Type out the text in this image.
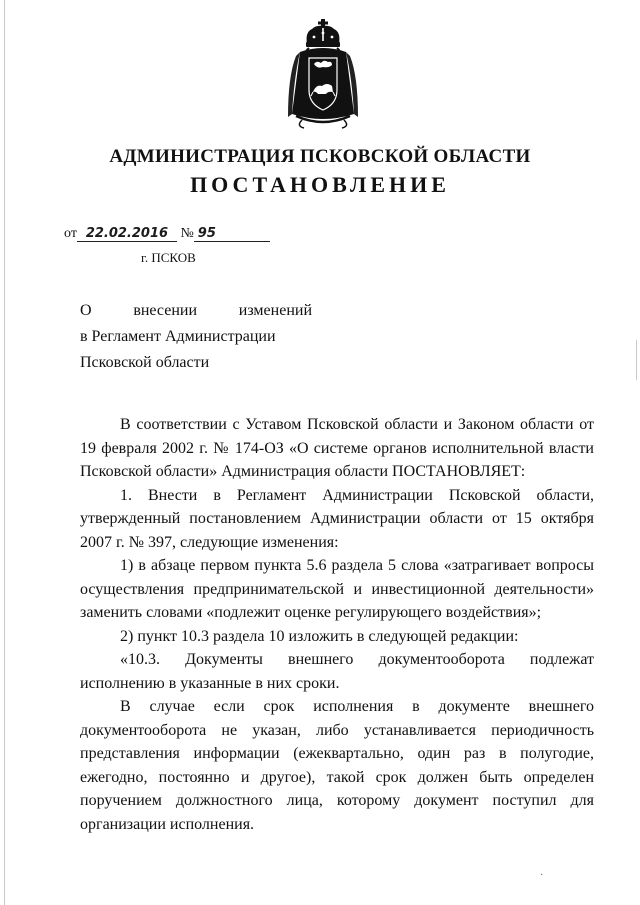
АДМИНИСТРАЦИЯ ПСКОВСКОЙ ОБЛАСТИ
ПОСТАНОВЛЕНИЕ
от 22.02.2016 № 95
г. ПСКОВ
О	внесении	изменений
в Регламент Администрации
Псковской области

В соответствии с Уставом Псковской области и Законом области от 19 февраля 2002 г. № 174-ОЗ «О системе органов исполнительной власти Псковской области» Администрация области ПОСТАНОВЛЯЕТ:

1. Внести в Регламент Администрации Псковской области, утвержденный постановлением Администрации области от 15 октября 2007 г. № 397, следующие изменения:

1) в абзаце первом пункта 5.6 раздела 5 слова «затрагивает вопросы осуществления предпринимательской и инвестиционной деятельности» заменить словами «подлежит оценке регулирующего воздействия»;

2) пункт 10.3 раздела 10 изложить в следующей редакции:

«10.3. Документы внешнего документооборота подлежат исполнению в указанные в них сроки.

В случае если срок исполнения в документе внешнего документооборота не указан, либо устанавливается периодичность представления информации (ежеквартально, один раз в полугодие, ежегодно, постоянно и другое), такой срок должен быть определен поручением должностного лица, которому документ поступил для организации исполнения.

·
